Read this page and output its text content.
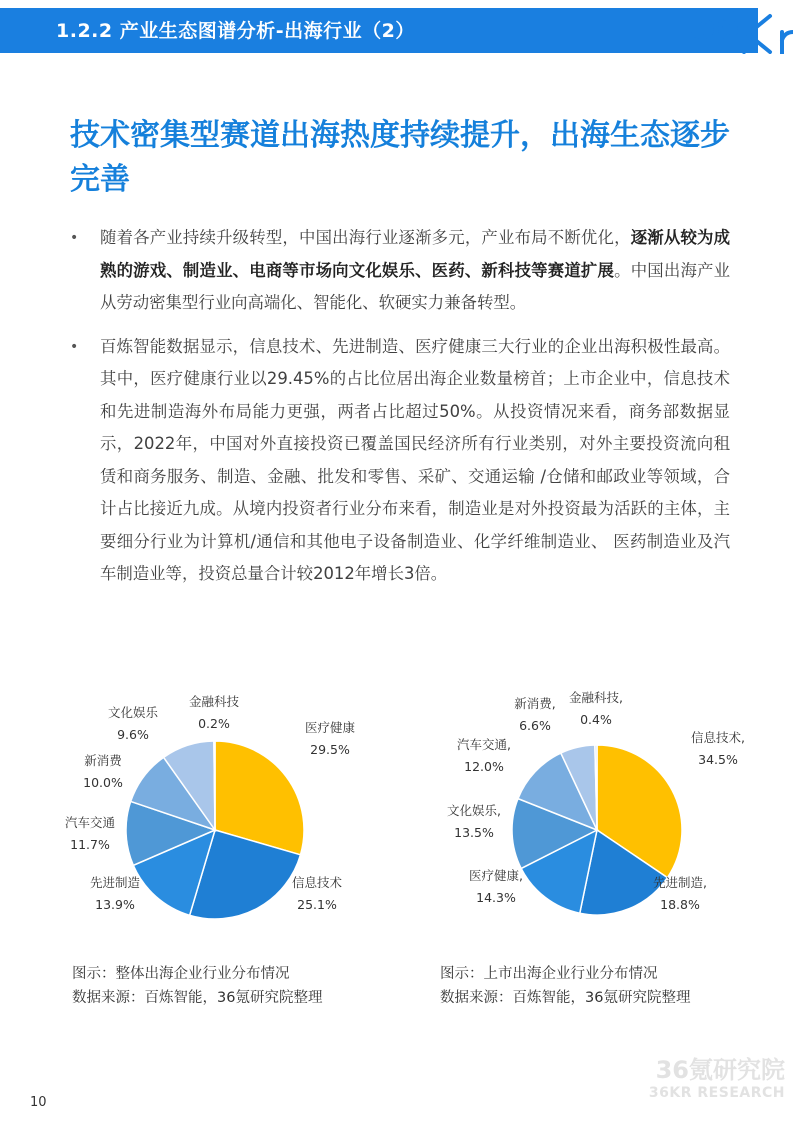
1.2.2 产业生态图谱分析-出海行业（2）
技术密集型赛道出海热度持续提升，出海生态逐步完善
• 随着各产业持续升级转型，中国出海行业逐渐多元，产业布局不断优化，逐渐从较为成熟的游戏、制造业、电商等市场向文化娱乐、医药、新科技等赛道扩展。中国出海产业从劳动密集型行业向高端化、智能化、软硬实力兼备转型。
• 百炼智能数据显示，信息技术、先进制造、医疗健康三大行业的企业出海积极性最高。其中，医疗健康行业以29.45%的占比位居出海企业数量榜首；上市企业中，信息技术和先进制造海外布局能力更强，两者占比超过50%。从投资情况来看，商务部数据显示，2022年，中国对外直接投资已覆盖国民经济所有行业类别，对外主要投资流向租赁和商务服务、制造、金融、批发和零售、采矿、交通运输 /仓储和邮政业等领域，合计占比接近九成。从境内投资者行业分布来看，制造业是对外投资最为活跃的主体，主要细分行业为计算机/通信和其他电子设备制造业、化学纤维制造业、 医药制造业及汽车制造业等，投资总量合计较2012年增长3倍。
医疗健康
29.5%
信息技术
25.1%
先进制造
13.9%
汽车交通
11.7%
新消费
10.0%
文化娱乐
9.6%
金融科技
0.2%
信息技术,
34.5%
先进制造,
18.8%
医疗健康,
14.3%
文化娱乐,
13.5%
汽车交通,
12.0%
新消费,
6.6%
金融科技,
0.4%
图示：整体出海企业行业分布情况
数据来源：百炼智能，36氪研究院整理
图示：上市出海企业行业分布情况
数据来源：百炼智能，36氪研究院整理
36氪研究院
36KR RESEARCH
10
